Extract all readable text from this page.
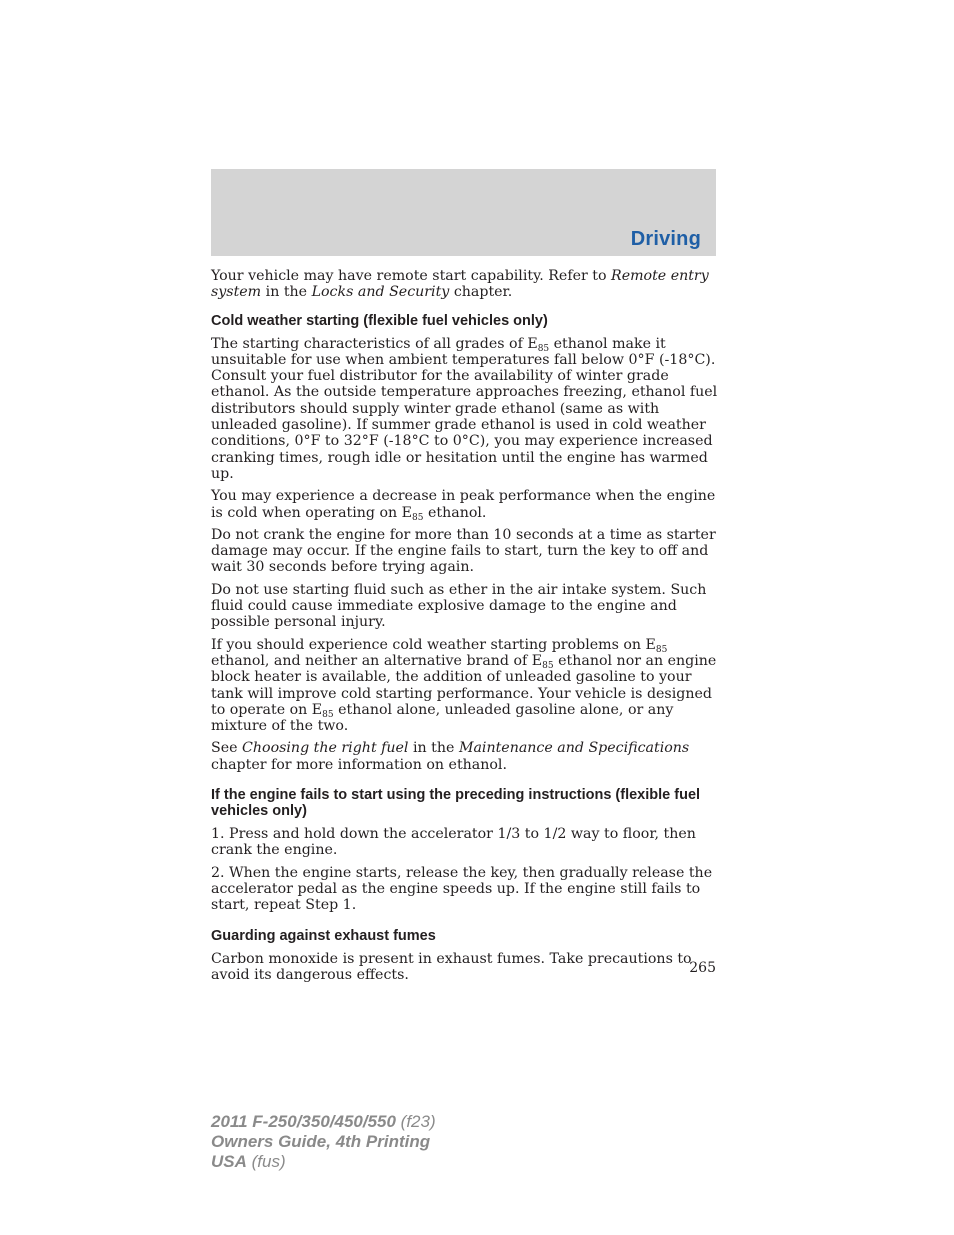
Driving

Your vehicle may have remote start capability. Refer to Remote entry system in the Locks and Security chapter.

Cold weather starting (flexible fuel vehicles only)

The starting characteristics of all grades of $E_{85}$ ethanol make it unsuitable for use when ambient temperatures fall below 0°F (-18°C). Consult your fuel distributor for the availability of winter grade ethanol. As the outside temperature approaches freezing, ethanol fuel distributors should supply winter grade ethanol (same as with unleaded gasoline). If summer grade ethanol is used in cold weather conditions, 0°F to 32°F (-18°C to 0°C), you may experience increased cranking times, rough idle or hesitation until the engine has warmed up.

You may experience a decrease in peak performance when the engine is cold when operating on $E_{85}$ ethanol.

Do not crank the engine for more than 10 seconds at a time as starter damage may occur. If the engine fails to start, turn the key to off and wait 30 seconds before trying again.

Do not use starting fluid such as ether in the air intake system. Such fluid could cause immediate explosive damage to the engine and possible personal injury.

If you should experience cold weather starting problems on $E_{85}$ ethanol, and neither an alternative brand of $E_{85}$ ethanol nor an engine block heater is available, the addition of unleaded gasoline to your tank will improve cold starting performance. Your vehicle is designed to operate on $E_{85}$ ethanol alone, unleaded gasoline alone, or any mixture of the two.

See Choosing the right fuel in the Maintenance and Specifications chapter for more information on ethanol.

If the engine fails to start using the preceding instructions (flexible fuel vehicles only)

1. Press and hold down the accelerator 1/3 to 1/2 way to floor, then crank the engine.

2. When the engine starts, release the key, then gradually release the accelerator pedal as the engine speeds up. If the engine still fails to start, repeat Step 1.

Guarding against exhaust fumes

Carbon monoxide is present in exhaust fumes. Take precautions to avoid its dangerous effects.	265
2011 F-250/350/450/550 (f23)
Owners Guide, 4th Printing
USA (fus)
